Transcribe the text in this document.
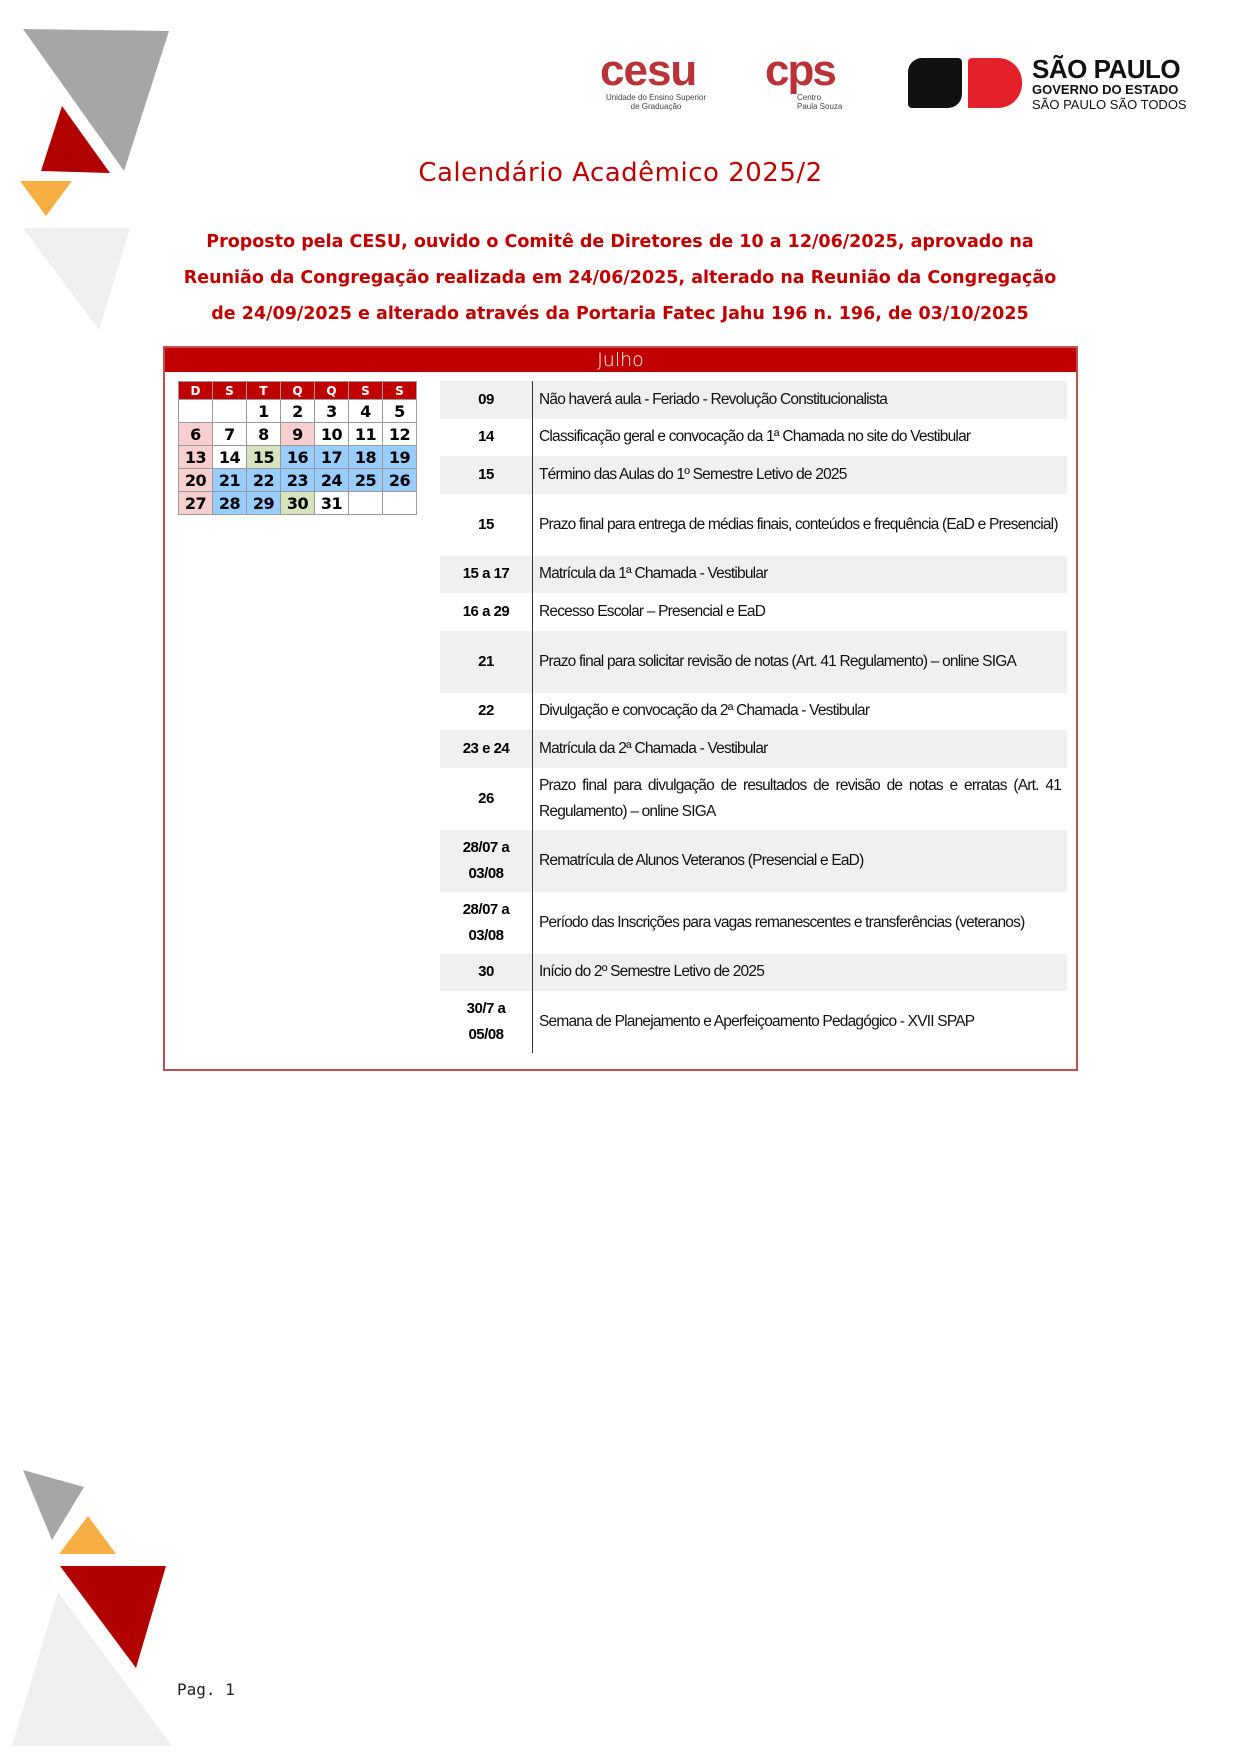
cesu
Unidade do Ensino Superior
de Graduação
cps
Centro
Paula Souza
SÃO PAULO
GOVERNO DO ESTADO
SÃO PAULO SÃO TODOS
Calendário Acadêmico 2025/2
Proposto pela CESU, ouvido o Comitê de Diretores de 10 a 12/06/2025, aprovado na Reunião da Congregação realizada em 24/06/2025, alterado na Reunião da Congregação de 24/09/2025 e alterado através da Portaria Fatec Jahu 196 n. 196, de 03/10/2025
Julho
D	S	T	Q	Q	S	S
		1	2	3	4	5
6	7	8	9	10	11	12
13	14	15	16	17	18	19
20	21	22	23	24	25	26
27	28	29	30	31		
09	Não haverá aula - Feriado - Revolução Constitucionalista
14	Classificação geral e convocação da 1ª Chamada no site do Vestibular
15	Término das Aulas do 1º Semestre Letivo de 2025
15	Prazo final para entrega de médias finais, conteúdos e frequência (EaD e Presencial)
15 a 17	Matrícula da 1ª Chamada - Vestibular
16 a 29	Recesso Escolar – Presencial e EaD
21	Prazo final para solicitar revisão de notas (Art. 41 Regulamento) – online SIGA
22	Divulgação e convocação da 2ª Chamada - Vestibular
23 e 24	Matrícula da 2ª Chamada - Vestibular
26	Prazo final para divulgação de resultados de revisão de notas e erratas (Art. 41 Regulamento) – online SIGA
28/07 a
03/08	Rematrícula de Alunos Veteranos (Presencial e EaD)
28/07 a
03/08	Período das Inscrições para vagas remanescentes e transferências (veteranos)
30	Início do 2º Semestre Letivo de 2025
30/7 a
05/08	Semana de Planejamento e Aperfeiçoamento Pedagógico - XVII SPAP
Pag. 1
